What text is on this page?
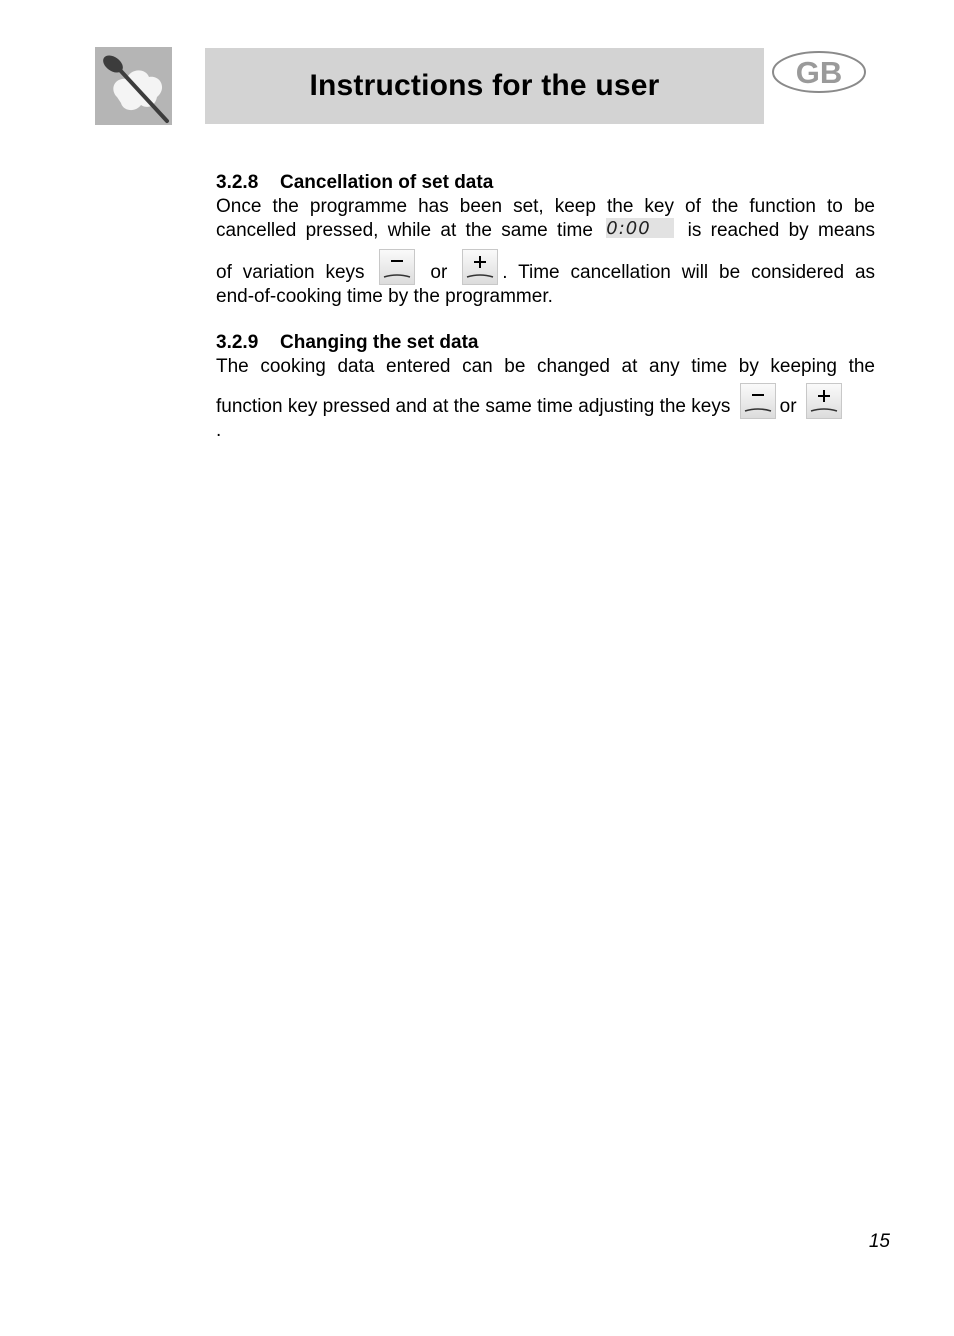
Instructions for the user	GB
3.2.8 Cancellation of set data
Once the programme has been set, keep the key of the function to be
cancelled pressed, while at the same time 0:00	is reached by means
of variation keys	or	. Time cancellation will be considered as
end-of-cooking time by the programmer.
3.2.9 Changing the set data
The cooking data entered can be changed at any time by keeping the
function key pressed and at the same time adjusting the keys	or
.
15
